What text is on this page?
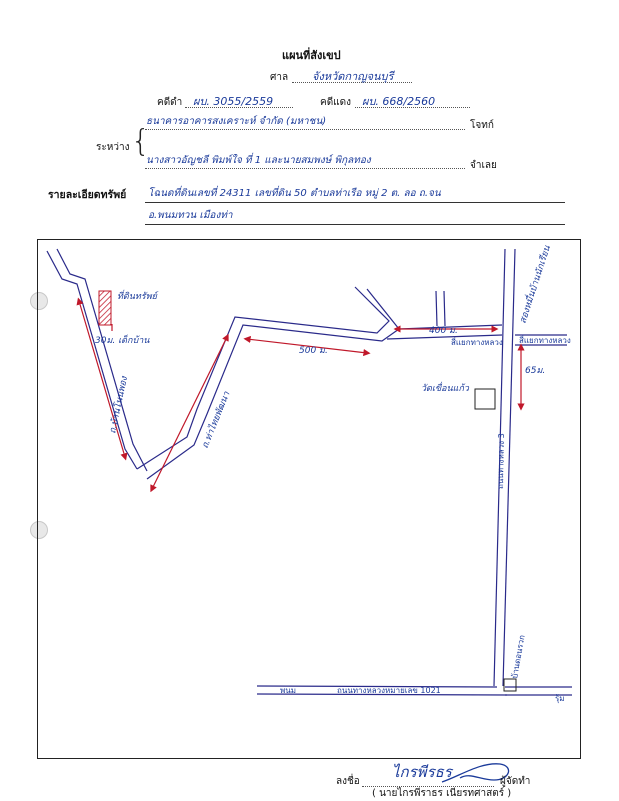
แผนที่สังเขป
ศาล จังหวัดกาญจนบุรี
คดีดำ ผบ. 3055/2559	คดีแดง ผบ. 668/2560
ระหว่าง {
ธนาคารอาคารสงเคราะห์ จำกัด (มหาชน)	โจทก์
นางสาวอัญชลี พิมพ์ใจ ที่ 1 และนายสมพงษ์ พิกุลทอง	จำเลย
รายละเอียดทรัพย์ โฉนดที่ดินเลขที่ 24311 เลขที่ดิน 50 ตำบลท่าเรือ หมู่ 2 ต. ลอ ถ.จน
อ.พนมทวน เมืองท่า
ที่ดินทรัพย์
30ม. เด็กบ้าน
ถ.บ้านโนนพอง	ถ.ท่าไทยพัฒนา
500 ม.
400 ม.
สี่แยกทางหลวง สี่แยกทางหลวง
สองหมื่นบ้านนักเรียน
วัดเขื่อนแก้ว
65ม.
ถนนทางหลวง 3
พนม	ถนนทางหลวงหมายเลข 1021
บ้านดอนรวก
รุ้ม
ลงชื่อ
ไกรพีรธร
ผู้จัดทำ
( นายไกรพีราธร เนียรทศาสตร์ )
